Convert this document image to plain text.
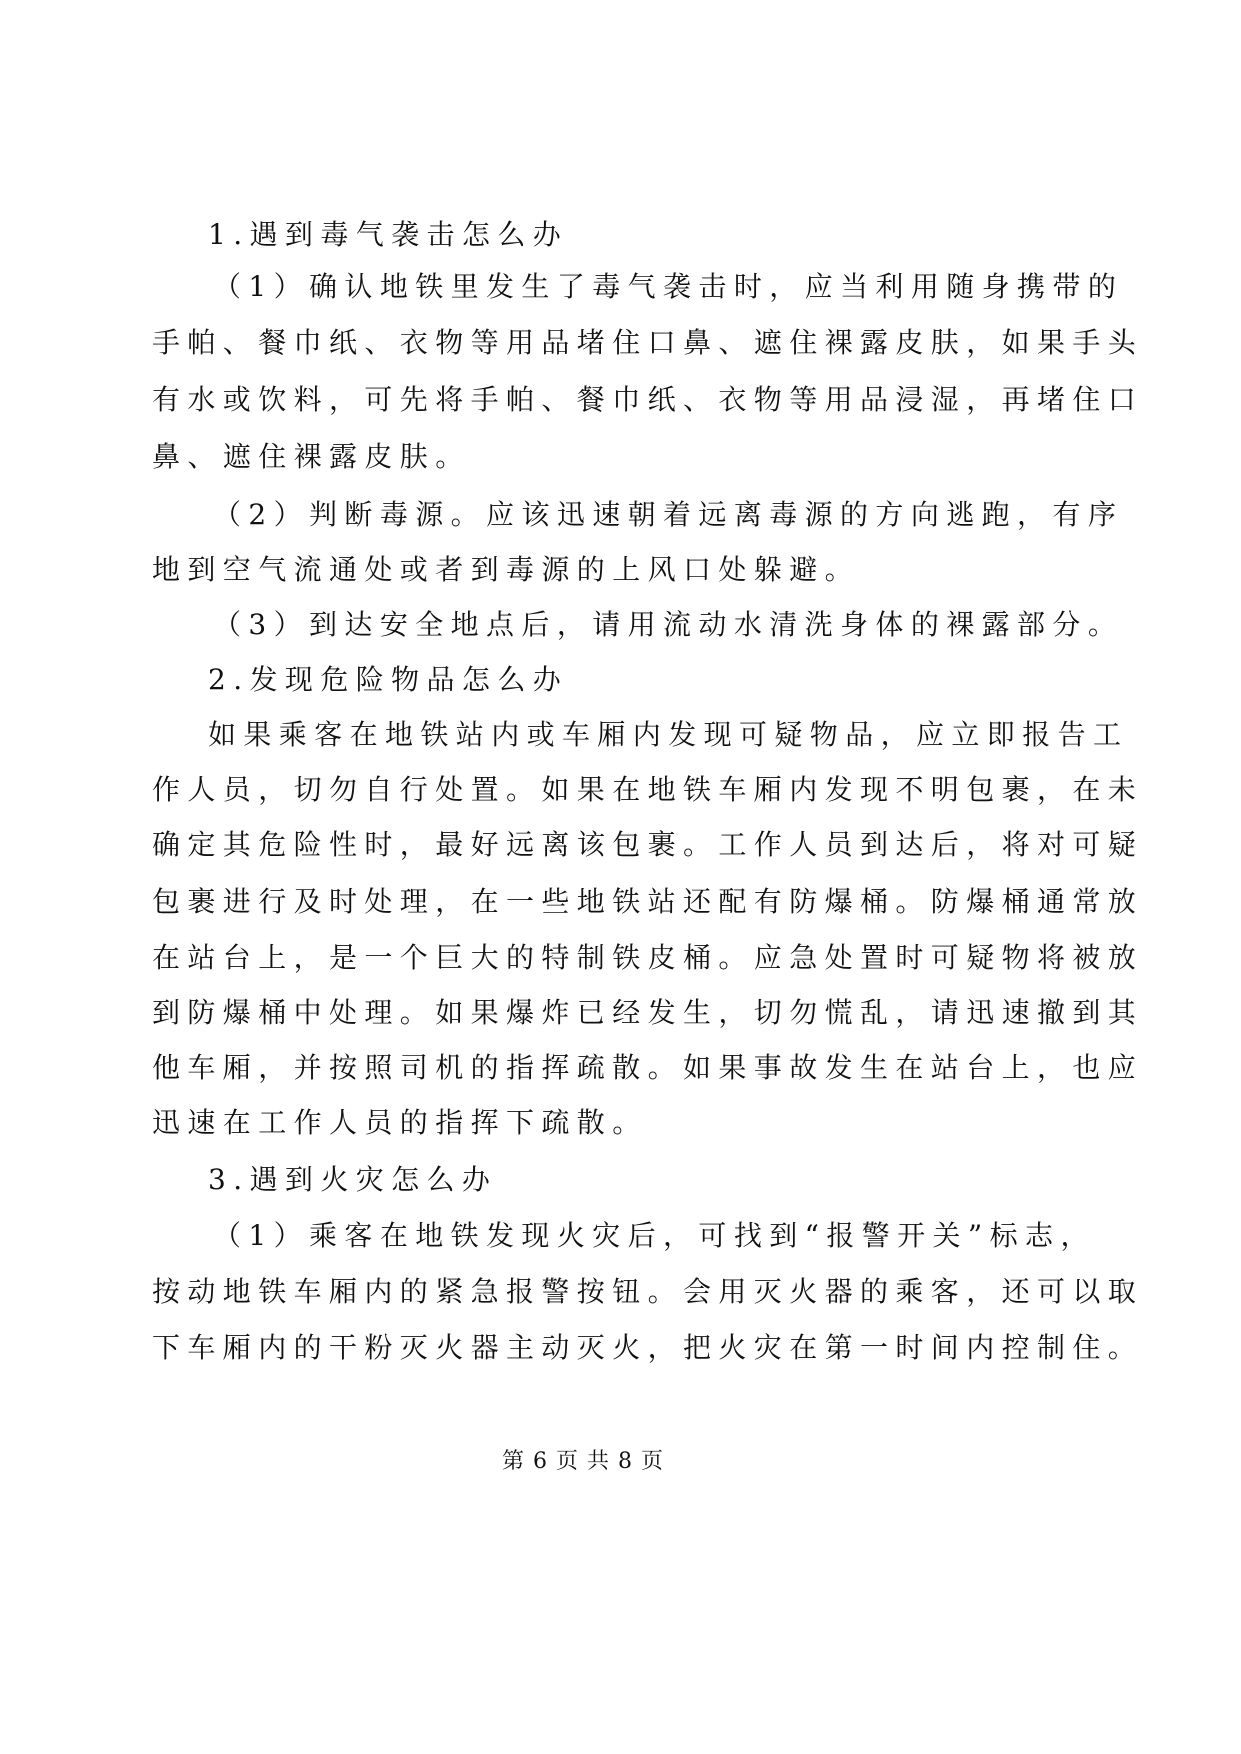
1.遇到毒气袭击怎么办
（1）确认地铁里发生了毒气袭击时，应当利用随身携带的
手帕、餐巾纸、衣物等用品堵住口鼻、遮住裸露皮肤，如果手头
有水或饮料，可先将手帕、餐巾纸、衣物等用品浸湿，再堵住口
鼻、遮住裸露皮肤。
（2）判断毒源。应该迅速朝着远离毒源的方向逃跑，有序
地到空气流通处或者到毒源的上风口处躲避。
（3）到达安全地点后，请用流动水清洗身体的裸露部分。
2.发现危险物品怎么办
如果乘客在地铁站内或车厢内发现可疑物品，应立即报告工
作人员，切勿自行处置。如果在地铁车厢内发现不明包裹，在未
确定其危险性时，最好远离该包裹。工作人员到达后，将对可疑
包裹进行及时处理，在一些地铁站还配有防爆桶。防爆桶通常放
在站台上，是一个巨大的特制铁皮桶。应急处置时可疑物将被放
到防爆桶中处理。如果爆炸已经发生，切勿慌乱，请迅速撤到其
他车厢，并按照司机的指挥疏散。如果事故发生在站台上，也应
迅速在工作人员的指挥下疏散。
3.遇到火灾怎么办
（1）乘客在地铁发现火灾后，可找到“报警开关”标志，
按动地铁车厢内的紧急报警按钮。会用灭火器的乘客，还可以取
下车厢内的干粉灭火器主动灭火，把火灾在第一时间内控制住。
第 6 页 共 8 页
